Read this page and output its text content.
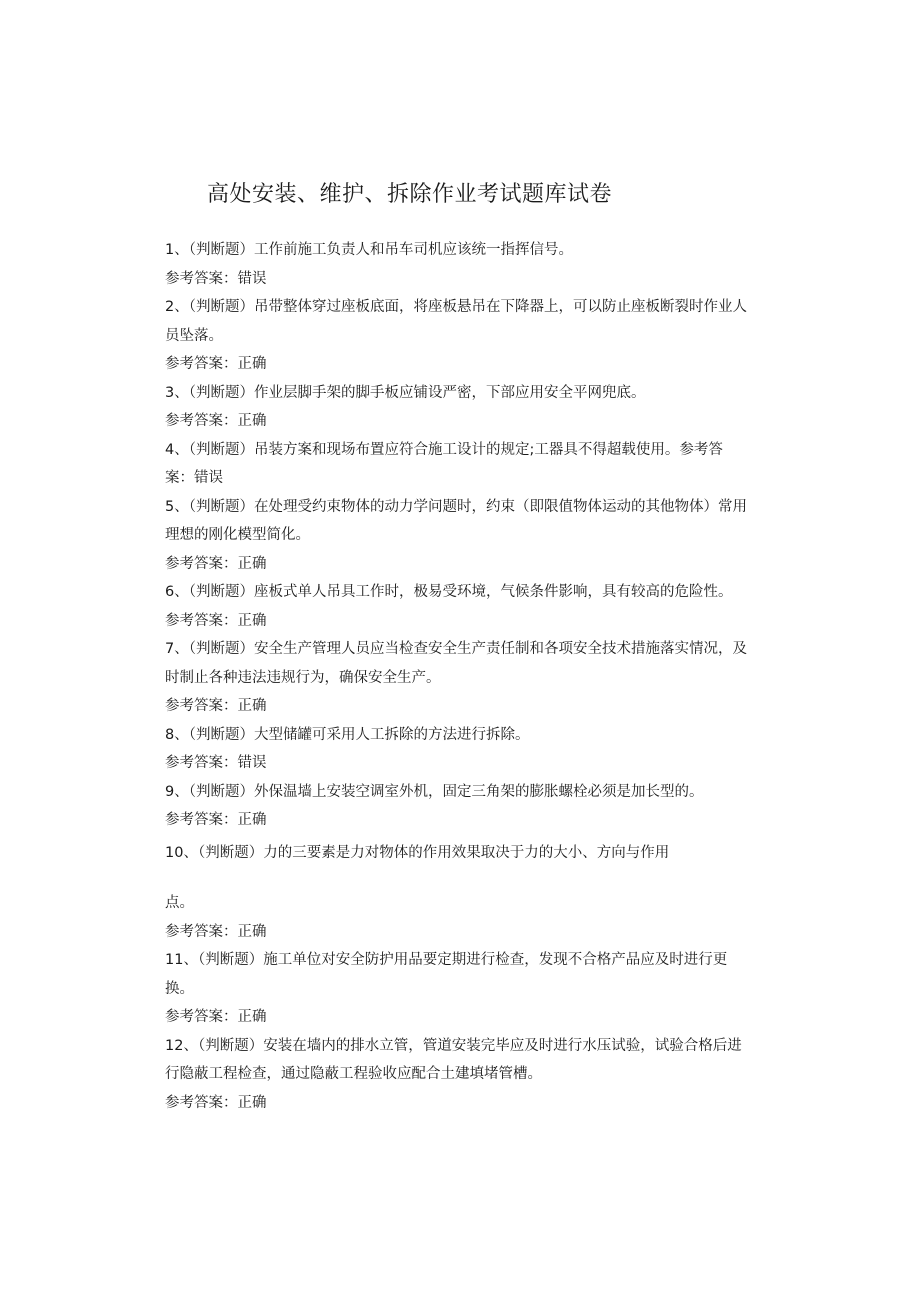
高处安装、维护、拆除作业考试题库试卷

1、（判断题）工作前施工负责人和吊车司机应该统一指挥信号。

参考答案：错误

2、（判断题）吊带整体穿过座板底面，将座板悬吊在下降器上，可以防止座板断裂时作业人员坠落。

参考答案：正确

3、（判断题）作业层脚手架的脚手板应铺设严密，下部应用安全平网兜底。

参考答案：正确

4、（判断题）吊装方案和现场布置应符合施工设计的规定;工器具不得超载使用。参考答案：错误

5、（判断题）在处理受约束物体的动力学问题时，约束（即限值物体运动的其他物体）常用理想的刚化模型简化。

参考答案：正确

6、（判断题）座板式单人吊具工作时，极易受环境，气候条件影响，具有较高的危险性。

参考答案：正确

7、（判断题）安全生产管理人员应当检查安全生产责任制和各项安全技术措施落实情况，及时制止各种违法违规行为，确保安全生产。

参考答案：正确

8、（判断题）大型储罐可采用人工拆除的方法进行拆除。

参考答案：错误

9、（判断题）外保温墙上安装空调室外机，固定三角架的膨胀螺栓必须是加长型的。

参考答案：正确

10、（判断题）力的三要素是力对物体的作用效果取决于力的大小、方向与作用
点。

参考答案：正确

11、（判断题）施工单位对安全防护用品要定期进行检查，发现不合格产品应及时进行更换。

参考答案：正确

12、（判断题）安装在墙内的排水立管，管道安装完毕应及时进行水压试验，试验合格后进行隐蔽工程检查，通过隐蔽工程验收应配合土建填堵管槽。

参考答案：正确
